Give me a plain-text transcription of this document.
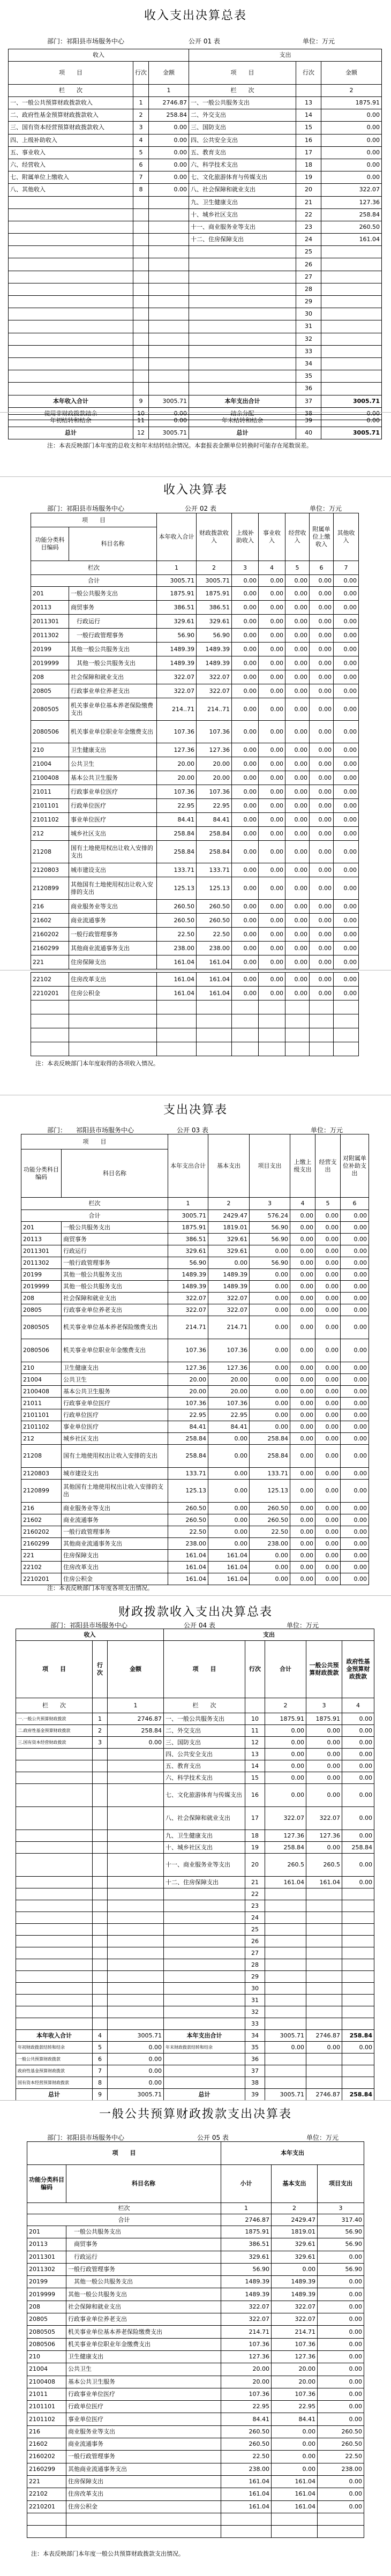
收入支出决算总表
部门：祁阳县市场服务中心	公开 01 表	单位：万元
收入			支出		
项　　目	行次	金额	项　　目	行次	金额
栏　　次		1	栏　　次		2
一、一般公共预算财政拨款收入	1	2746.87	一、一般公共服务支出	13	1875.91
二、政府性基金预算财政拨款收入	2	258.84	二、外交支出	14	0.00
三、国有资本经营预算财政拨款收入	3	0.00	三、国防支出	15	0.00
四、上级补助收入	4	0.00	四、公共安全支出	16	0.00
五、事业收入	5	0.00	五、教育支出	17	0.00
六、经营收入	6	0.00	六、科学技术支出	18	0.00
七、附属单位上缴收入	7	0.00	七、文化旅游体育与传媒支出	19	0.00
八、其他收入	8	0.00	八、社会保障和就业支出	20	322.07
			九、卫生健康支出	21	127.36
			十、城乡社区支出	22	258.84
			十一、商业服务业等支出	23	260.50
			十二、住房保障支出	24	161.04
				25	
				26	
				27	
				28	
				29	
				30	
				31	
				32	
				33	
				34	
				35	
				36	
本年收入合计	9	3005.71	本年支出合计	37	3005.71
使用非财政拨款结余	10	0.00	结余分配	38	0.00
年初结转和结余	11	0.00	年末结转和结余	39	0.00
总计	12	3005.71	总计	40	3005.71
注：本表反映部门本年度的总收支和年末结转结余情况。本套报表金额单位转换时可能存在尾数误差。
收入决算表
部门：祁阳县市场服务中心	公开 02 表	单位：万元
项　　目		本年收入合计	财政拨款收入	上级补助收入	事业收入	经营收入	附属单位上缴收入	其他收入
功能分类科目编码	科目名称							
栏次		1	2	3	4	5	6	7
合计		3005.71	3005.71	0.00	0.00	0.00	0.00	0.00
201	一般公共服务支出	1875.91	1875.91	0.00	0.00	0.00	0.00	0.00
20113	商贸事务	386.51	386.51	0.00	0.00	0.00	0.00	0.00
2011301	　行政运行	329.61	329.61	0.00	0.00	0.00	0.00	0.00
2011302	　一般行政管理事务	56.90	56.90	0.00	0.00	0.00	0.00	0.00
20199	其他一般公共服务支出	1489.39	1489.39	0.00	0.00	0.00	0.00	0.00
2019999	　其他一般公共服务支出	1489.39	1489.39	0.00	0.00	0.00	0.00	0.00
208	社会保障和就业支出	322.07	322.07	0.00	0.00	0.00	0.00	0.00
20805	行政事业单位养老支出	322.07	322.07	0.00	0.00	0.00	0.00	0.00
2080505	机关事业单位基本养老保险缴费支出	214..71	214..71	0.00	0.00	0.00	0.00	0.00
2080506	机关事业单位职业年金缴费支出	107.36	107.36	0.00	0.00	0.00	0.00	0.00
210	卫生健康支出	127.36	127.36	0.00	0.00	0.00	0.00	0.00
21004	公共卫生	20.00	20.00	0.00	0.00	0.00	0.00	0.00
2100408	基本公共卫生服务	20.00	20.00	0.00	0.00	0.00	0.00	0.00
21011	行政事业单位医疗	107.36	107.36	0.00	0.00	0.00	0.00	0.00
2101101	行政单位医疗	22.95	22.95	0.00	0.00	0.00	0.00	0.00
2101102	事业单位医疗	84.41	84.41	0.00	0.00	0.00	0.00	0.00
212	城乡社区支出	258.84	258.84	0.00	0.00	0.00	0.00	0.00
21208	国有土地使用权出让收入安排的支出	258.84	258.84	0.00	0.00	0.00	0.00	0.00
2120803	城市建设支出	133.71	133.71	0.00	0.00	0.00	0.00	0.00
2120899	其他国有土地使用权出让收入安排的支出	125.13	125.13	0.00	0.00	0.00	0.00	0.00
216	商业服务业等支出	260.50	260.50	0.00	0.00	0.00	0.00	0.00
21602	商业流通事务	260.50	260.50	0.00	0.00	0.00	0.00	0.00
2160202	一般行政管理事务	22.50	22.50	0.00	0.00	0.00	0.00	0.00
2160299	其他商业流通事务支出	238.00	238.00	0.00	0.00	0.00	0.00	0.00
221	住房保障支出	161.04	161.04	0.00	0.00	0.00	0.00	0.00
22102	住房改革支出	161.04	161.04	0.00	0.00	0.00	0.00	0.00
2210201	住房公积金	161.04	161.04	0.00	0.00	0.00	0.00	0.00

注：本表反映部门本年度取得的各项收入情况。
支出决算表
部门：　　祁阳县市场服务中心	公开 03 表	单位：万元
项　　目		本年支出合计	基本支出	项目支出	上缴上级支出	经营支出	对附属单位补助支出
功能分类科目编码	科目名称						
栏次		1	2	3	4	5	6
合计		3005.71	2429.47	576.24	0.00	0.00	0.00
201	一般公共服务支出	1875.91	1819.01	56.90	0.00	0.00	0.00
20113	商贸事务	386.51	329.61	56.90	0.00	0.00	0.00
2011301	行政运行	329.61	329.61	0.00	0.00	0.00	0.00
2011302	一般行政管理事务	56.90	0.00	56.90	0.00	0.00	0.00
20199	其他一般公共服务支出	1489.39	1489.39	0.00	0.00	0.00	0.00
2019999	其他一般公共服务支出	1489.39	1489.39	0.00	0.00	0.00	0.00
208	社会保障和就业支出	322.07	322.07	0.00	0.00	0.00	0.00
20805	行政事业单位养老支出	322.07	322.07	0.00	0.00	0.00	0.00
2080505	机关事业单位基本养老保险缴费支出	214.71	214.71	0.00	0.00	0.00	0.00
2080506	机关事业单位职业年金缴费支出	107.36	107.36	0.00	0.00	0.00	0.00
210	卫生健康支出	127.36	127.36	0.00	0.00	0.00	0.00
21004	公共卫生	20.00	20.00	0.00	0.00	0.00	0.00
2100408	基本公共卫生服务	20.00	20.00	0.00	0.00	0.00	0.00
21011	行政事业单位医疗	107.36	107.36	0.00	0.00	0.00	0.00
2101101	行政单位医疗	22.95	22.95	0.00	0.00	0.00	0.00
2101102	事业单位医疗	84.41	84.41	0.00	0.00	0.00	0.00
212	城乡社区支出	258.84	0.00	258.84	0.00	0.00	0.00
21208	国有土地使用权出让收入安排的支出	258.84	0.00	258.84	0.00	0.00	0.00
2120803	城市建设支出	133.71	0.00	133.71	0.00	0.00	0.00
2120899	其他国有土地使用权出让收入安排的支出	125.13	0.00	125.13	0.00	0.00	0.00
216	商业服务业等支出	260.50	0.00	260.50	0.00	0.00	0.00
21602	商业流通事务	260.50	0.00	260.50	0.00	0.00	0.00
2160202	一般行政管理事务	22.50	0.00	22.50	0.00	0.00	0.00
2160299	其他商业流通事务支出	238.00	0.00	238.00	0.00	0.00	0.00
221	住房保障支出	161.04	161.04	0.00	0.00	0.00	0.00
22102	住房改革支出	161.04	161.04	0.00	0.00	0.00	0.00
2210201	住房公积金	161.04	161.04	0.00	0.00	0.00	0.00
注：本表反映部门本年度各项支出情况。
财政拨款收入支出决算总表
部门：祁阳县市场服务中心	公开 04 表	单位：万元
收入			支出				
项　　目	行次	金额	项　　目	行次	合计	一般公共预算财政拨款	政府性基金预算财政拨款
栏　　次		1	栏　　次		2	3	4
一.一般公共预算财政拨款	1	2746.87	一、一般公共服务支出	10	1875.91	1875.91	0.00
二.政府性基金预算财政拨款	2	258.84	二、外交支出	11	0.00	0.00	0.00
三.国有资本经营财政拨款	3	0.00	三、国防支出	12	0.00	0.00	0.00
			四、公共安全支出	13	0.00	0.00	0.00
			五、教育支出	14	0.00	0.00	0.00
			六、科学技术支出	15	0.00	0.00	0.00
			七、文化旅游体育与传媒支出	16	0.00	0.00	0.00
			八、社会保障和就业支出	17	322.07	322.07	0.00
			九、卫生健康支出	18	127.36	127.36	0.00
			十、城乡社区支出	19	258.84	0.00	258.84
			十一、商业服务业等支出	20	260.5	260.5	0.00
			十二、住房保障支出	21	161.04	161.04	0.00
				22			
				23			
				24			
				25			
				26			
				27			
				28			
				29			
				30			
				31			
				32			
				33			
本年收入合计	4	3005.71	本年支出合计	34	3005.71	2746.87	258.84
年初财政拨款结转和结余	5	0.00	年末财政拨款结转和结余	35	0.00	0.00	0.00
一般公共预算财政拨款	6	0.00		36			
政府性基金预算财政拨款	7	0.00		37			
国有资本经营预算财政拨款	8	0.00		38			
总计	9	3005.71	总计	39	3005.71	2746.87	258.84
一般公共预算财政拨款支出决算表
部门：祁阳县市场服务中心	公开 05 表	单位：万元
项　　目		本年支出		
功能分类科目编码	科目名称	小计	基本支出	项目支出
栏次		1	2	3
合计		2746.87	2429.47	317.40
201	　一般公共服务支出	1875.91	1819.01	56.90
20113	　商贸事务	386.51	329.61	56.90
2011301	　行政运行	329.61	329.61	0.00
2011302	一般行政管理事务	56.90	0.00	56.90
20199	　其他一般公共服务支出	1489.39	1489.39	0.00
2019999	其他一般公共服务支出	1489.39	1489.39	0.00
208	社会保障和就业支出	322.07	322.07	0.00
20805	行政事业单位养老支出	322.07	322.07	0.00
2080505	机关事业单位基本养老保险缴费支出	214.71	214.71	0.00
2080506	机关事业单位职业年金缴费支出	107.36	107.36	0.00
210	卫生健康支出	127.36	127.36	0.00
21004	公共卫生	20.00	20.00	0.00
2100408	基本公共卫生服务	20.00	20.00	0.00
21011	行政事业单位医疗	107.36	107.36	0.00
2101101	行政单位医疗	22.95	22.95	0.00
2101102	事业单位医疗	84.41	84.41	0.00
216	商业服务业等支出	260.50	0.00	260.50
21602	商业流通事务	260.50	0.00	260.50
2160202	一般行政管理事务	22.50	0.00	22.50
2160299	其他商业流通事务支出	238.00	0.00	238.00
221	住房保障支出	161.04	161.04	0.00
22102	住房改革支出	161.04	161.04	0.00
2210201	住房公积金	161.04	161.04	0.00

注：本表反映部门本年度一般公共预算财政拨款支出情况。
